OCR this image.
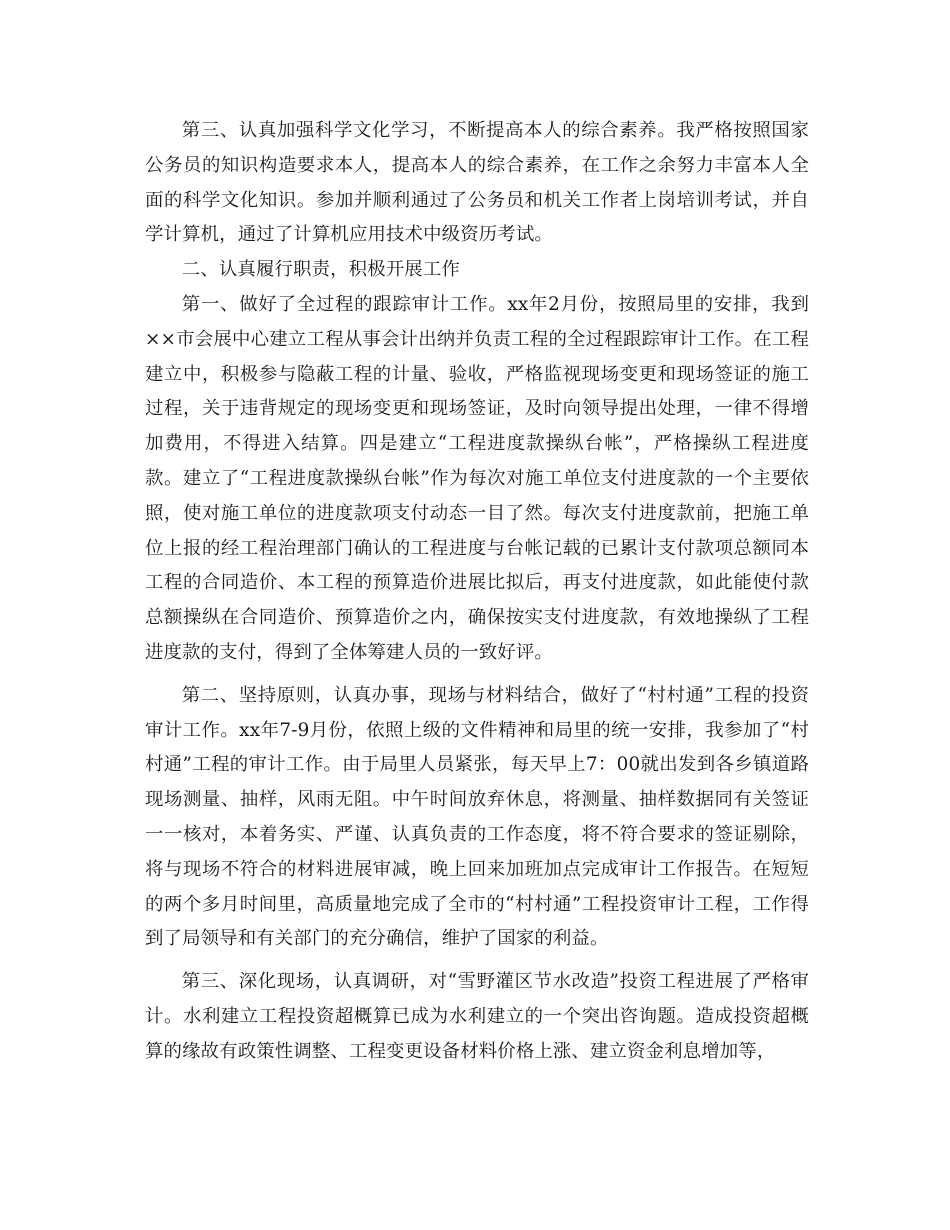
第三、认真加强科学文化学习，不断提高本人的综合素养。我严格按照国家公务员的知识构造要求本人，提高本人的综合素养，在工作之余努力丰富本人全面的科学文化知识。参加并顺利通过了公务员和机关工作者上岗培训考试，并自学计算机，通过了计算机应用技术中级资历考试。

二、认真履行职责，积极开展工作

第一、做好了全过程的跟踪审计工作。xx年2月份，按照局里的安排，我到××市会展中心建立工程从事会计出纳并负责工程的全过程跟踪审计工作。在工程建立中，积极参与隐蔽工程的计量、验收，严格监视现场变更和现场签证的施工过程，关于违背规定的现场变更和现场签证，及时向领导提出处理，一律不得增加费用，不得进入结算。四是建立“工程进度款操纵台帐”，严格操纵工程进度款。建立了“工程进度款操纵台帐”作为每次对施工单位支付进度款的一个主要依照，使对施工单位的进度款项支付动态一目了然。每次支付进度款前，把施工单位上报的经工程治理部门确认的工程进度与台帐记载的已累计支付款项总额同本工程的合同造价、本工程的预算造价进展比拟后，再支付进度款，如此能使付款总额操纵在合同造价、预算造价之内，确保按实支付进度款，有效地操纵了工程进度款的支付，得到了全体筹建人员的一致好评。

第二、坚持原则，认真办事，现场与材料结合，做好了“村村通”工程的投资审计工作。xx年7-9月份，依照上级的文件精神和局里的统一安排，我参加了“村村通”工程的审计工作。由于局里人员紧张，每天早上7：00就出发到各乡镇道路现场测量、抽样，风雨无阻。中午时间放弃休息，将测量、抽样数据同有关签证一一核对，本着务实、严谨、认真负责的工作态度，将不符合要求的签证剔除，将与现场不符合的材料进展审减，晚上回来加班加点完成审计工作报告。在短短的两个多月时间里，高质量地完成了全市的“村村通”工程投资审计工程，工作得到了局领导和有关部门的充分确信，维护了国家的利益。

第三、深化现场，认真调研，对“雪野灌区节水改造”投资工程进展了严格审计。水利建立工程投资超概算已成为水利建立的一个突出咨询题。造成投资超概算的缘故有政策性调整、工程变更设备材料价格上涨、建立资金利息增加等，
